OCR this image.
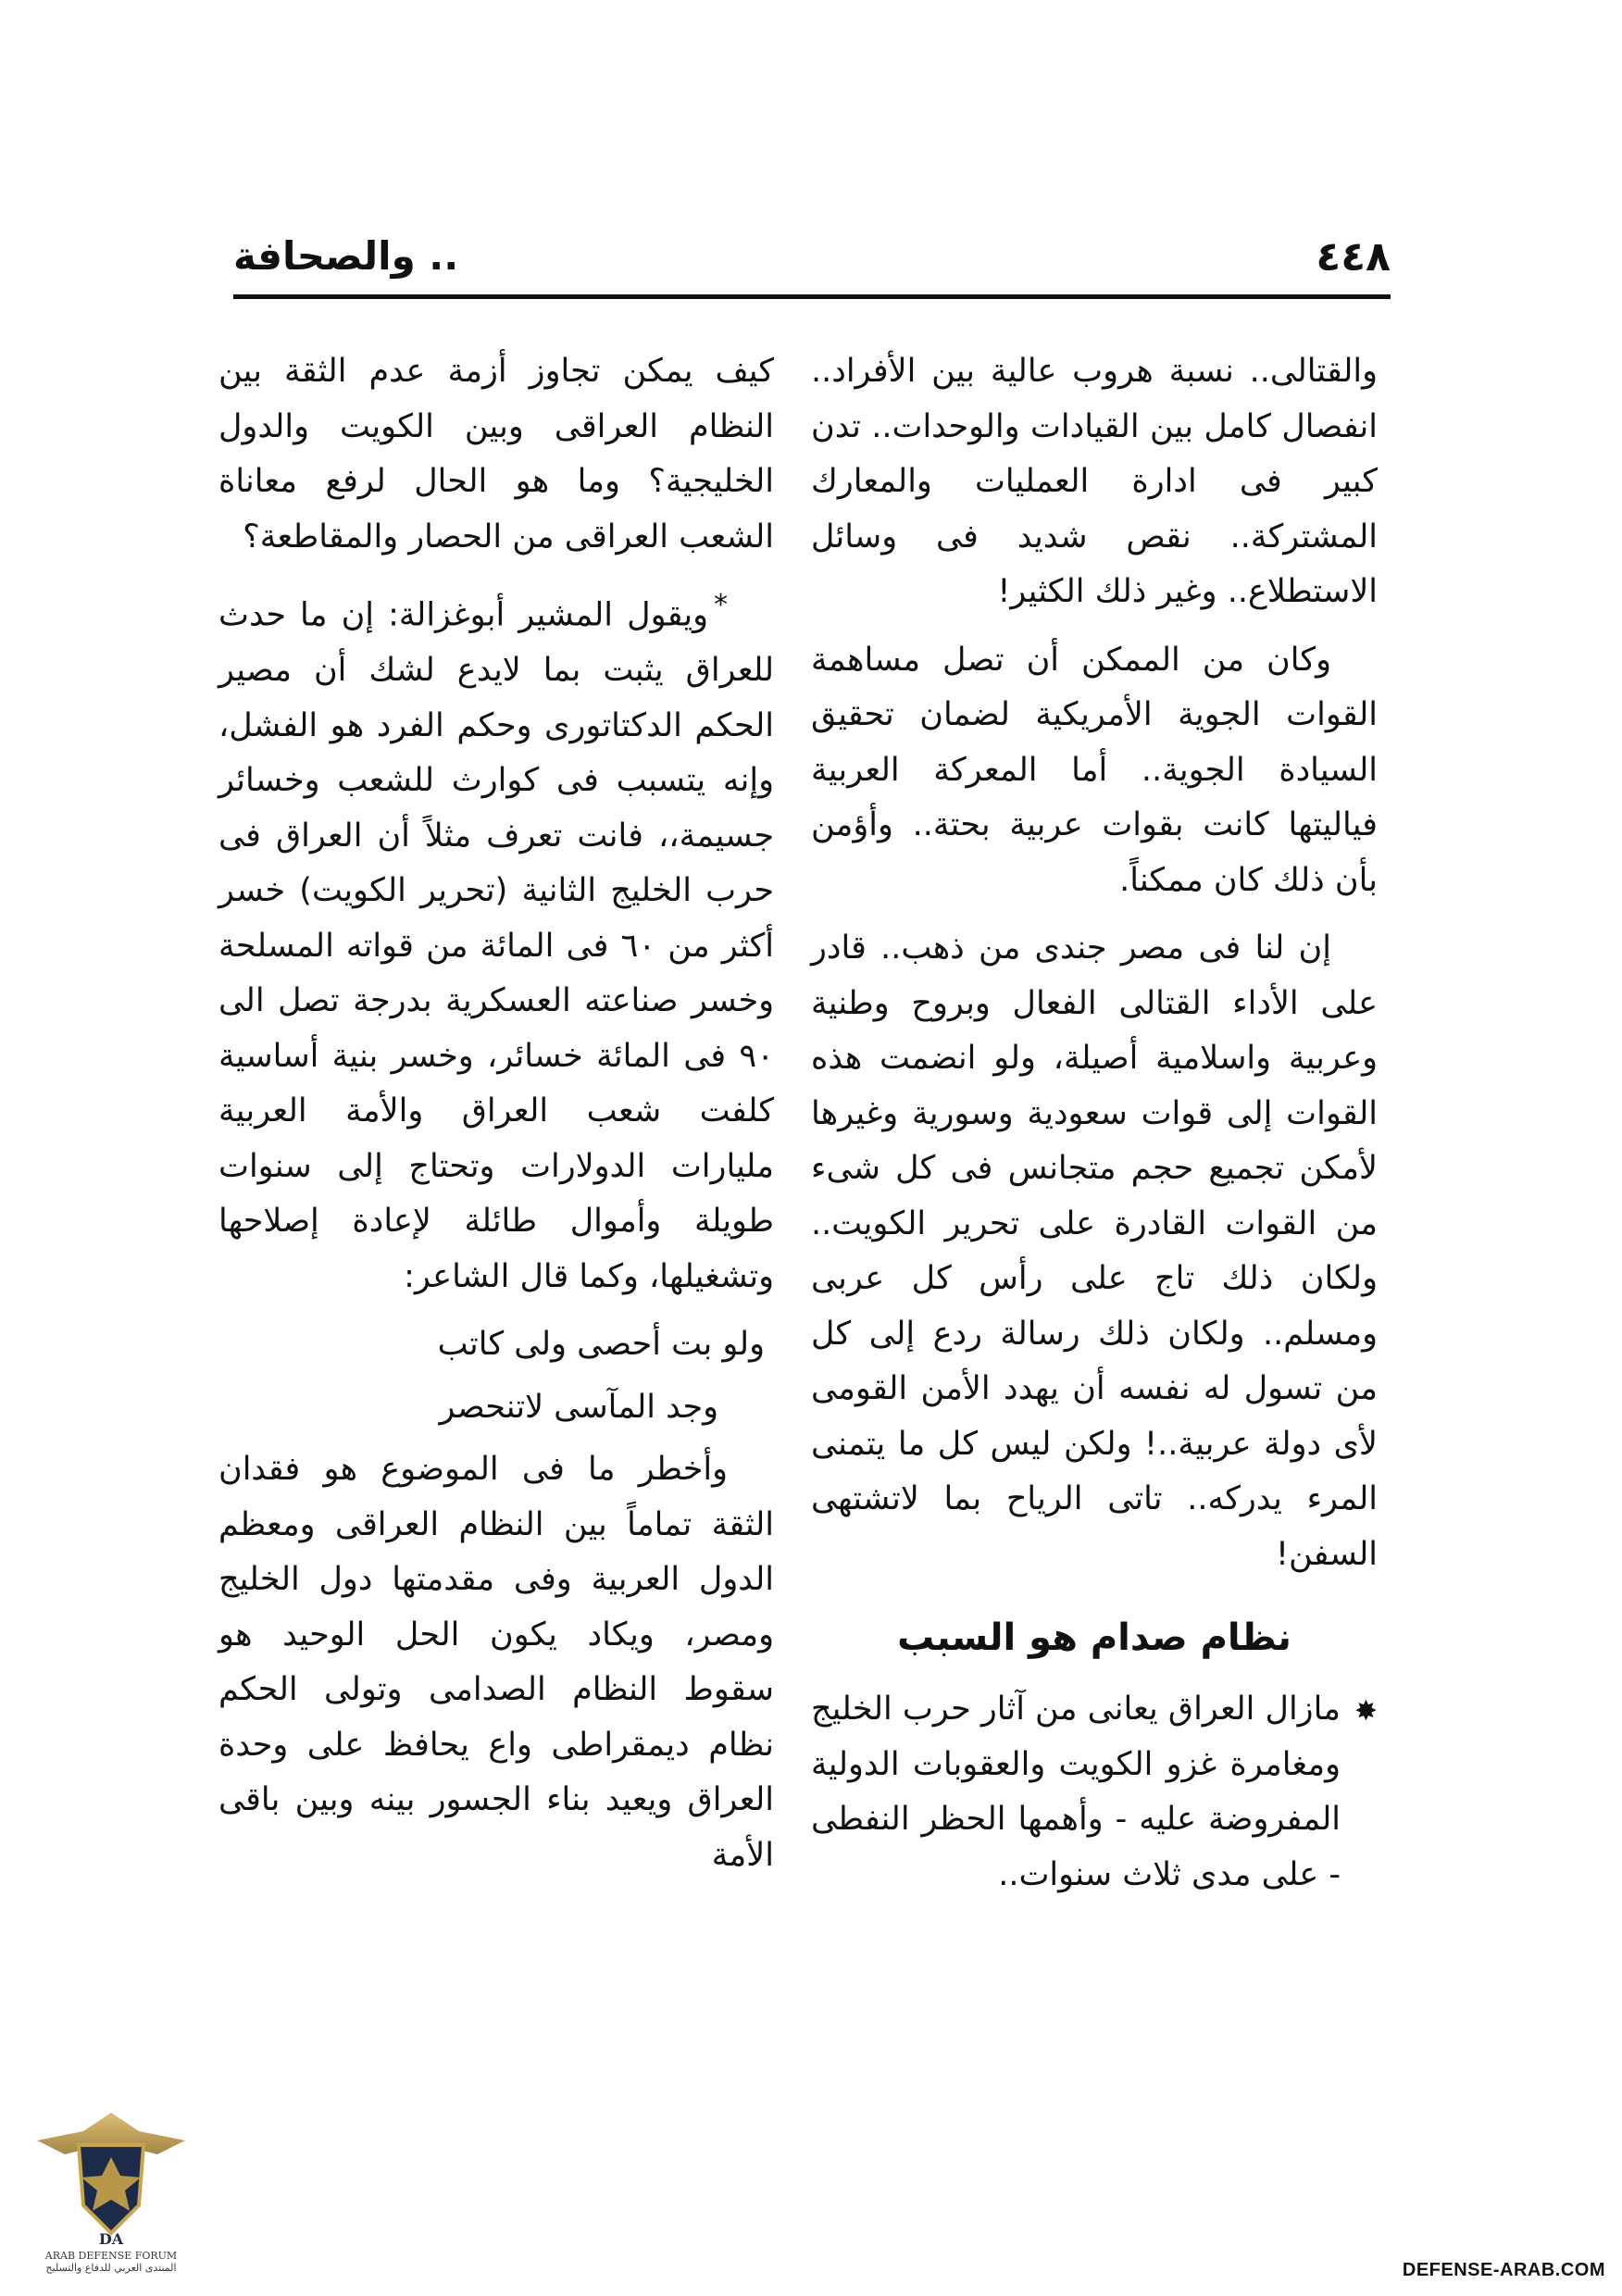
٤٤٨
.. والصحافة

والقتالى.. نسبة هروب عالية بين الأفراد.. انفصال كامل بين القيادات والوحدات.. تدن كبير فى ادارة العمليات والمعارك المشتركة.. نقص شديد فى وسائل الاستطلاع.. وغير ذلك الكثير!

وكان من الممكن أن تصل مساهمة القوات الجوية الأمريكية لضمان تحقيق السيادة الجوية.. أما المعركة العربية فياليتها كانت بقوات عربية بحتة.. وأؤمن بأن ذلك كان ممكناً.

إن لنا فى مصر جندى من ذهب.. قادر على الأداء القتالى الفعال وبروح وطنية وعربية واسلامية أصيلة، ولو انضمت هذه القوات إلى قوات سعودية وسورية وغيرها لأمكن تجميع حجم متجانس فى كل شىء من القوات القادرة على تحرير الكويت.. ولكان ذلك تاج على رأس كل عربى ومسلم.. ولكان ذلك رسالة ردع إلى كل من تسول له نفسه أن يهدد الأمن القومى لأى دولة عربية..! ولكن ليس كل ما يتمنى المرء يدركه.. تاتى الرياح بما لاتشتهى السفن!

نظام صدام هو السبب
✸
مازال العراق يعانى من آثار حرب الخليج ومغامرة غزو الكويت والعقوبات الدولية المفروضة عليه - وأهمها الحظر النفطى - على مدى ثلاث سنوات..

كيف يمكن تجاوز أزمة عدم الثقة بين النظام العراقى وبين الكويت والدول الخليجية؟ وما هو الحال لرفع معاناة الشعب العراقى من الحصار والمقاطعة؟

*ويقول المشير أبوغزالة: إن ما حدث للعراق يثبت بما لايدع لشك أن مصير الحكم الدكتاتورى وحكم الفرد هو الفشل، وإنه يتسبب فى كوارث للشعب وخسائر جسيمة،، فانت تعرف مثلاً أن العراق فى حرب الخليج الثانية (تحرير الكويت) خسر أكثر من ٦٠ فى المائة من قواته المسلحة وخسر صناعته العسكرية بدرجة تصل الى ٩٠ فى المائة خسائر، وخسر بنية أساسية كلفت شعب العراق والأمة العربية مليارات الدولارات وتحتاج إلى سنوات طويلة وأموال طائلة لإعادة إصلاحها وتشغيلها، وكما قال الشاعر:

ولو بت أحصى ولى كاتب
وجد المآسى لاتنحصر

وأخطر ما فى الموضوع هو فقدان الثقة تماماً بين النظام العراقى ومعظم الدول العربية وفى مقدمتها دول الخليج ومصر، ويكاد يكون الحل الوحيد هو سقوط النظام الصدامى وتولى الحكم نظام ديمقراطى واع يحافظ على وحدة العراق ويعيد بناء الجسور بينه وبين باقى الأمة

DA
ARAB DEFENSE FORUM
المنتدى العربي للدفاع والتسليح	DEFENSE-ARAB.COM
